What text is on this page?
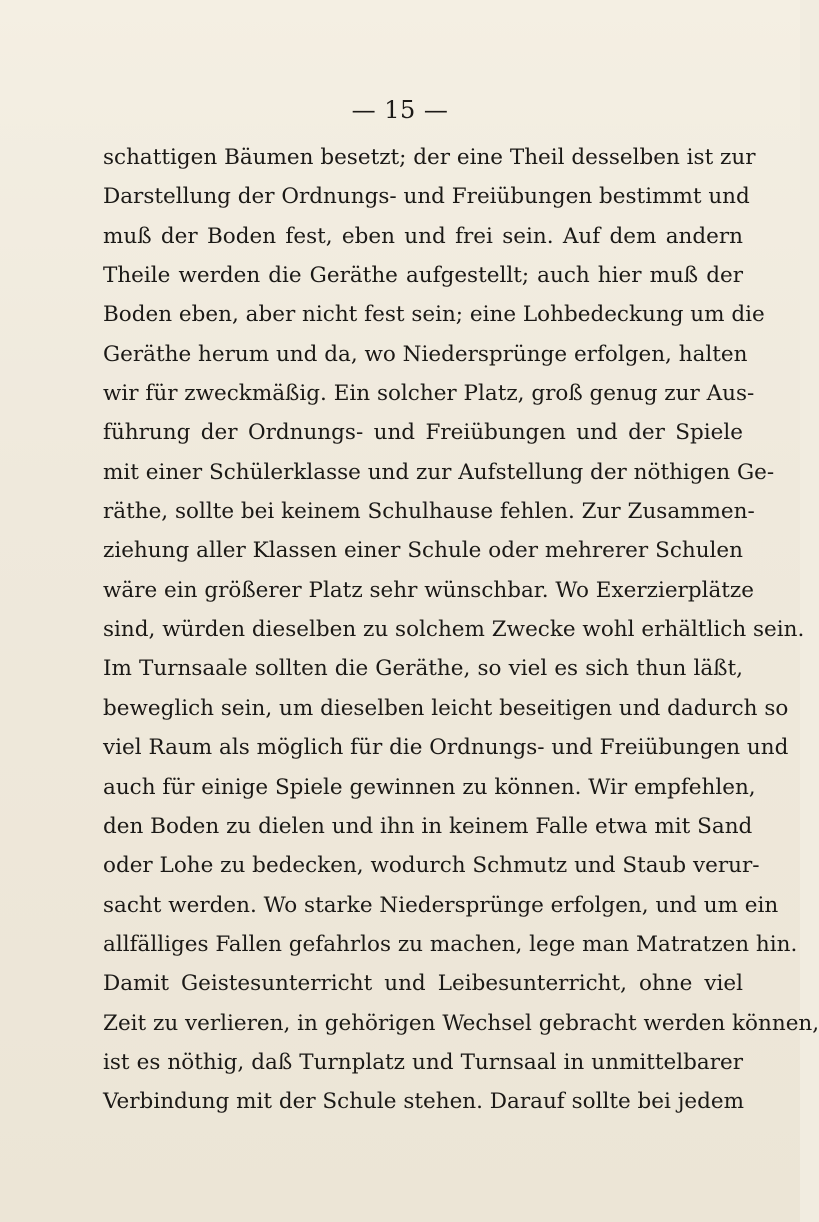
— 15 —
schattigen Bäumen besetzt; der eine Theil desselben ist zur
Darstellung der Ordnungs- und Freiübungen bestimmt und
muß der Boden fest, eben und frei sein. Auf dem andern
Theile werden die Geräthe aufgestellt; auch hier muß der
Boden eben, aber nicht fest sein; eine Lohbedeckung um die
Geräthe herum und da, wo Niedersprünge erfolgen, halten
wir für zweckmäßig. Ein solcher Platz, groß genug zur Aus-
führung der Ordnungs- und Freiübungen und der Spiele
mit einer Schülerklasse und zur Aufstellung der nöthigen Ge-
räthe, sollte bei keinem Schulhause fehlen. Zur Zusammen-
ziehung aller Klassen einer Schule oder mehrerer Schulen
wäre ein größerer Platz sehr wünschbar. Wo Exerzierplätze
sind, würden dieselben zu solchem Zwecke wohl erhältlich sein.
Im Turnsaale sollten die Geräthe, so viel es sich thun läßt,
beweglich sein, um dieselben leicht beseitigen und dadurch so
viel Raum als möglich für die Ordnungs- und Freiübungen und
auch für einige Spiele gewinnen zu können. Wir empfehlen,
den Boden zu dielen und ihn in keinem Falle etwa mit Sand
oder Lohe zu bedecken, wodurch Schmutz und Staub verur-
sacht werden. Wo starke Niedersprünge erfolgen, und um ein
allfälliges Fallen gefahrlos zu machen, lege man Matratzen hin.
Damit Geistesunterricht und Leibesunterricht, ohne viel
Zeit zu verlieren, in gehörigen Wechsel gebracht werden können,
ist es nöthig, daß Turnplatz und Turnsaal in unmittelbarer
Verbindung mit der Schule stehen. Darauf sollte bei jedem
